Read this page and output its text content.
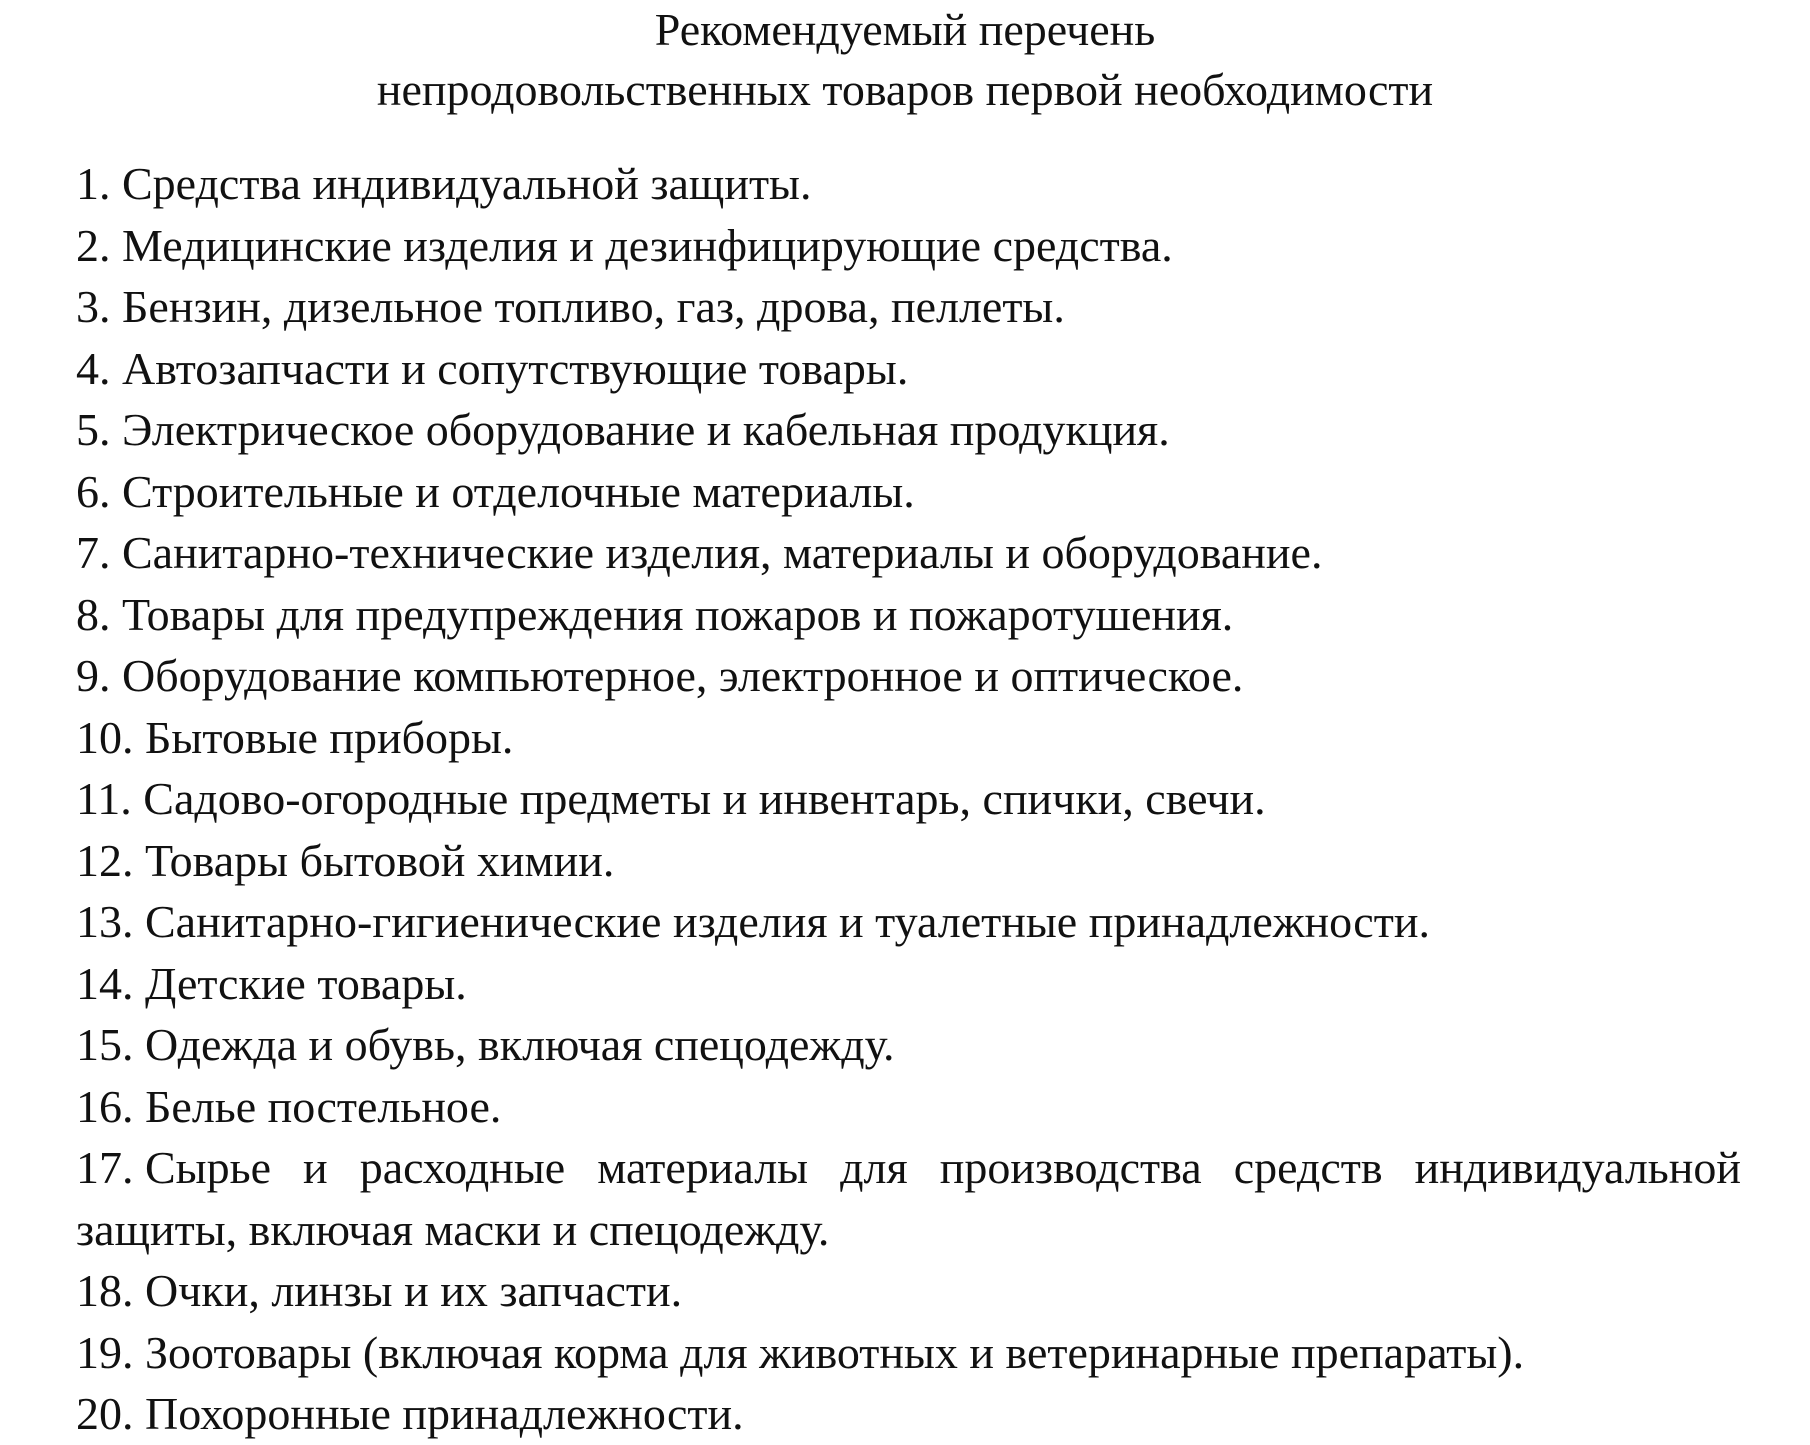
Рекомендуемый перечень
непродовольственных товаров первой необходимости
1. Средства индивидуальной защиты.
2. Медицинские изделия и дезинфицирующие средства.
3. Бензин, дизельное топливо, газ, дрова, пеллеты.
4. Автозапчасти и сопутствующие товары.
5. Электрическое оборудование и кабельная продукция.
6. Строительные и отделочные материалы.
7. Санитарно-технические изделия, материалы и оборудование.
8. Товары для предупреждения пожаров и пожаротушения.
9. Оборудование компьютерное, электронное и оптическое.
10. Бытовые приборы.
11. Садово-огородные предметы и инвентарь, спички, свечи.
12. Товары бытовой химии.
13. Санитарно-гигиенические изделия и туалетные принадлежности.
14. Детские товары.
15. Одежда и обувь, включая спецодежду.
16. Белье постельное.
17. Сырье и расходные материалы для производства средств индивидуальной защиты, включая маски и спецодежду.
18. Очки, линзы и их запчасти.
19. Зоотовары (включая корма для животных и ветеринарные препараты).
20. Похоронные принадлежности.
